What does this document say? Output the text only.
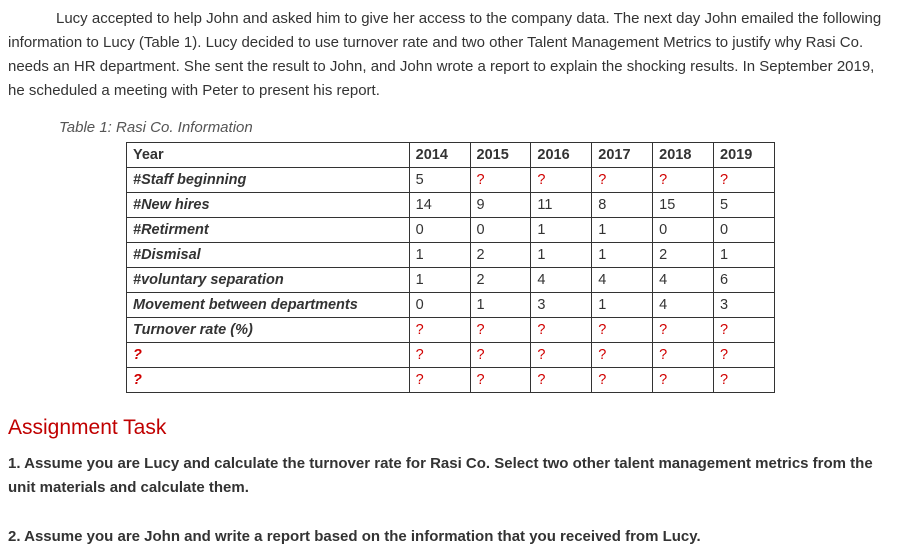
Lucy accepted to help John and asked him to give her access to the company data. The next day John emailed the following information to Lucy (Table 1). Lucy decided to use turnover rate and two other Talent Management Metrics to justify why Rasi Co. needs an HR department. She sent the result to John, and John wrote a report to explain the shocking results. In September 2019, he scheduled a meeting with Peter to present his report.

Table 1: Rasi Co. Information

Year	2014	2015	2016	2017	2018	2019
#Staff beginning	5	?	?	?	?	?
#New hires	14	9	11	8	15	5
#Retirment	0	0	1	1	0	0
#Dismisal	1	2	1	1	2	1
#voluntary separation	1	2	4	4	4	6
Movement between departments	0	1	3	1	4	3
Turnover rate (%)	?	?	?	?	?	?
?	?	?	?	?	?	?
?	?	?	?	?	?	?
Assignment Task

1. Assume you are Lucy and calculate the turnover rate for Rasi Co. Select two other talent management metrics from the unit materials and calculate them.

2. Assume you are John and write a report based on the information that you received from Lucy.
